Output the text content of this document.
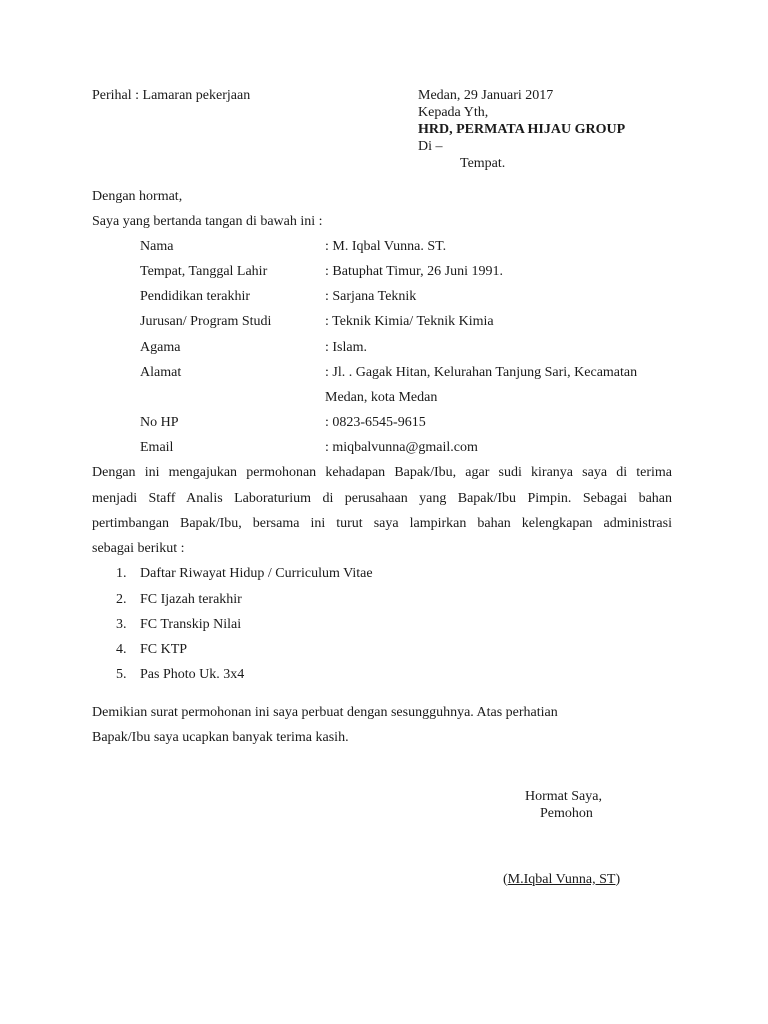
Perihal : Lamaran pekerjaan	Medan, 29 Januari 2017
Kepada Yth,
HRD, PERMATA HIJAU GROUP
Di –
Tempat.
Dengan hormat,
Saya yang bertanda tangan di bawah ini :
Nama	: M. Iqbal Vunna. ST.
Tempat, Tanggal Lahir	: Batuphat Timur, 26 Juni 1991.
Pendidikan terakhir	: Sarjana Teknik
Jurusan/ Program Studi	: Teknik Kimia/ Teknik Kimia
Agama	: Islam.
Alamat	: Jl. . Gagak Hitan, Kelurahan Tanjung Sari, Kecamatan
Medan, kota Medan
No HP	: 0823-6545-9615
Email	: miqbalvunna@gmail.com
Dengan ini mengajukan permohonan kehadapan Bapak/Ibu, agar sudi kiranya saya di terima
menjadi Staff Analis Laboraturium di perusahaan yang Bapak/Ibu Pimpin. Sebagai bahan
pertimbangan Bapak/Ibu, bersama ini turut saya lampirkan bahan kelengkapan administrasi
sebagai berikut :
1. Daftar Riwayat Hidup / Curriculum Vitae
2. FC Ijazah terakhir
3. FC Transkip Nilai
4. FC KTP
5. Pas Photo Uk. 3x4
Demikian surat permohonan ini saya perbuat dengan sesungguhnya. Atas perhatian
Bapak/Ibu saya ucapkan banyak terima kasih.
Hormat Saya,
Pemohon
(M.Iqbal Vunna, ST)
